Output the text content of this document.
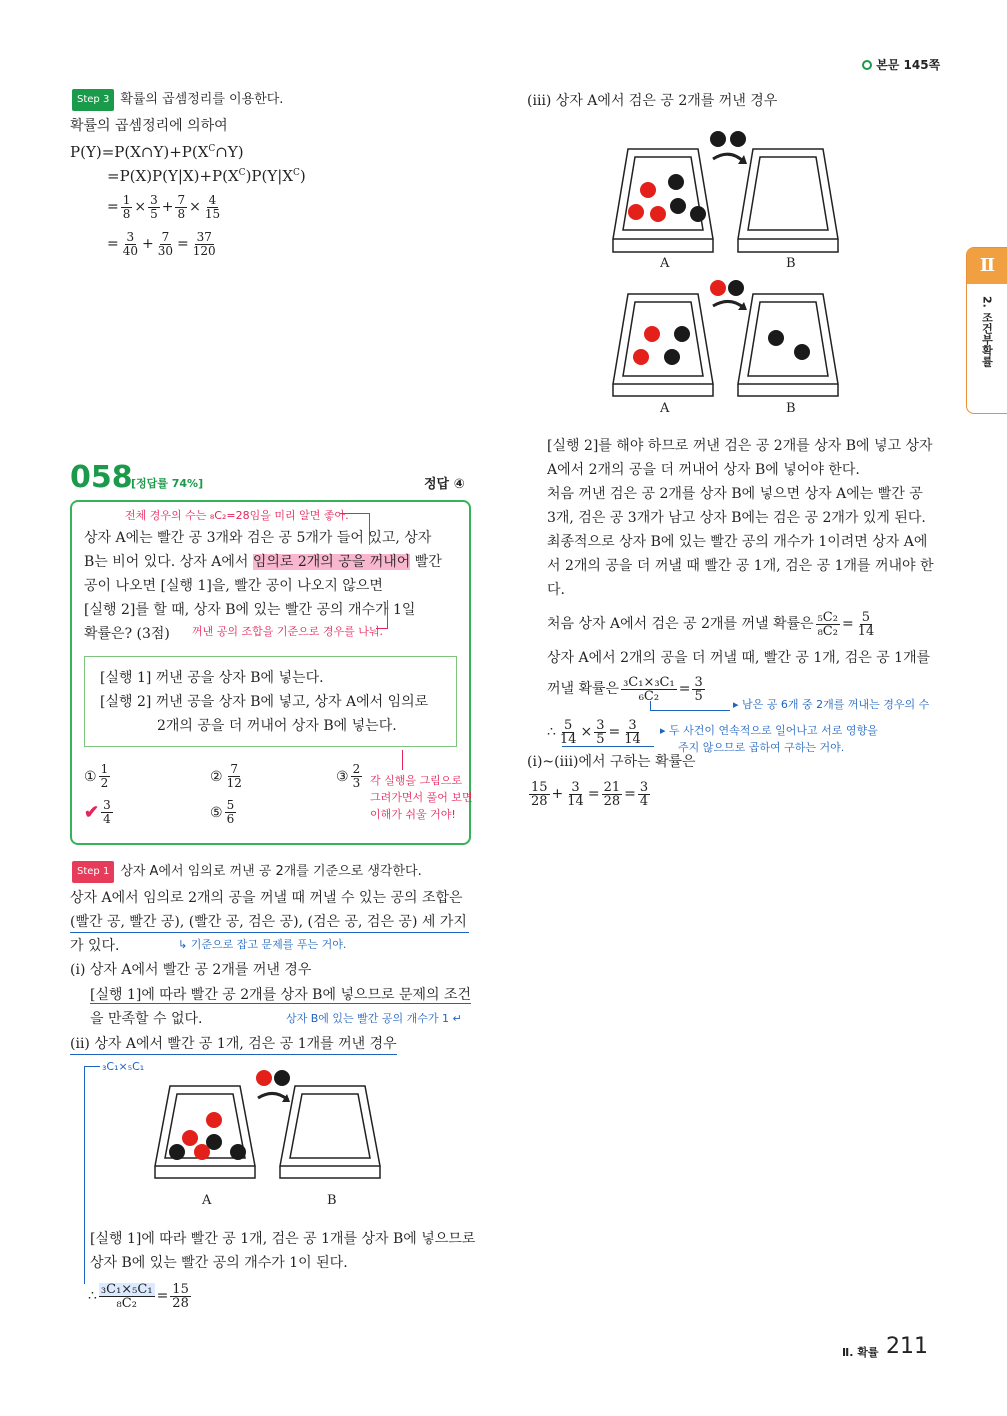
본문 145쪽
Ⅱ
2. 조건부확률
Step 3 확률의 곱셈정리를 이용한다.
확률의 곱셈정리에 의하여
$P(Y)=P(X\cap Y)+P(X^C\cap Y)$
$=P(X)P(Y|X)+P(X^C)P(Y|X^C)$
= $\frac{1}{8} \times \frac{3}{5} + \frac{7}{8} \times \frac{4}{15}$
= $\frac{3}{40} + \frac{7}{30} = \frac{37}{120}$
058
[정답률 74%]	정답 ④
전체 경우의 수는 ₈C₂=28임을 미리 알면 좋아.
상자 A에는 빨간 공 3개와 검은 공 5개가 들어 있고, 상자
B는 비어 있다. 상자 A에서 임의로 2개의 공을 꺼내어 빨간
공이 나오면 [실행 1]을, 빨간 공이 나오지 않으면
[실행 2]를 할 때, 상자 B에 있는 빨간 공의 개수가 1일
확률은? (3점) 꺼낸 공의 조합을 기준으로 경우를 나눠.
[실행 1] 꺼낸 공을 상자 B에 넣는다.
[실행 2] 꺼낸 공을 상자 B에 넣고, 상자 A에서 임의로
2개의 공을 더 꺼내어 상자 B에 넣는다.
① $\frac{1}{2}$	② $\frac{7}{12}$	③ $\frac{2}{3}$
✔ $\frac{3}{4}$	⑤ $\frac{5}{6}$
각 실행을 그림으로
그려가면서 풀어 보면
이해가 쉬울 거야!
Step 1 상자 A에서 임의로 꺼낸 공 2개를 기준으로 생각한다.
상자 A에서 임의로 2개의 공을 꺼낼 때 꺼낼 수 있는 공의 조합은
(빨간 공, 빨간 공), (빨간 공, 검은 공), (검은 공, 검은 공) 세 가지
가 있다.	↳ 기준으로 잡고 문제를 푸는 거야.
(ⅰ) 상자 A에서 빨간 공 2개를 꺼낸 경우
[실행 1]에 따라 빨간 공 2개를 상자 B에 넣으므로 문제의 조건
을 만족할 수 없다.	상자 B에 있는 빨간 공의 개수가 1 ↵
(ⅱ) 상자 A에서 빨간 공 1개, 검은 공 1개를 꺼낸 경우
₃C₁×₅C₁
A	B
[실행 1]에 따라 빨간 공 1개, 검은 공 1개를 상자 B에 넣으므로
상자 B에 있는 빨간 공의 개수가 1이 된다.
∴ $\frac{\text{₃C₁×₅C₁}}{\text{₈C₂}} = \frac{15}{28}$
(ⅲ) 상자 A에서 검은 공 2개를 꺼낸 경우
A	B
A	B
[실행 2]를 해야 하므로 꺼낸 검은 공 2개를 상자 B에 넣고 상자
A에서 2개의 공을 더 꺼내어 상자 B에 넣어야 한다.
처음 꺼낸 검은 공 2개를 상자 B에 넣으면 상자 A에는 빨간 공
3개, 검은 공 3개가 남고 상자 B에는 검은 공 2개가 있게 된다.
최종적으로 상자 B에 있는 빨간 공의 개수가 1이려면 상자 A에
서 2개의 공을 더 꺼낼 때 빨간 공 1개, 검은 공 1개를 꺼내야 한
다.
처음 상자 A에서 검은 공 2개를 꺼낼 확률은 $\frac{\text{₅C₂}}{\text{₈C₂}} = \frac{5}{14}$
상자 A에서 2개의 공을 더 꺼낼 때, 빨간 공 1개, 검은 공 1개를
꺼낼 확률은 $\frac{\text{₃C₁×₃C₁}}{\text{₆C₂}} = \frac{3}{5}$
▸ 남은 공 6개 중 2개를 꺼내는 경우의 수
∴ $\frac{5}{14} \times \frac{3}{5} = \frac{3}{14}$ ▸ 두 사건이 연속적으로 일어나고 서로 영향을
주지 않으므로 곱하여 구하는 거야.
(ⅰ)~(ⅲ)에서 구하는 확률은
$\frac{15}{28} + \frac{3}{14} = \frac{21}{28} = \frac{3}{4}$
Ⅱ. 확률 211
